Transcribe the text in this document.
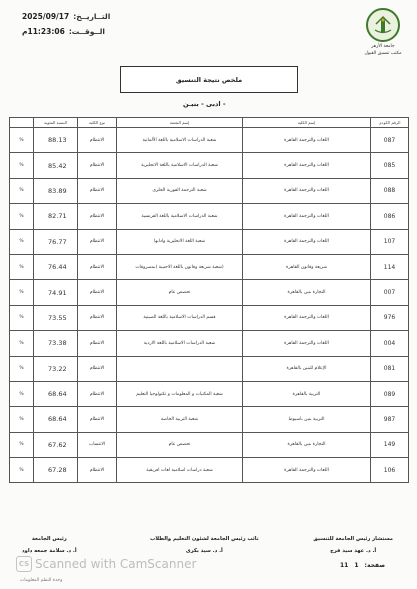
التــاريــخ:
2025/09/17
الــوقــت:
11:23:06م
جامعة الأزهر
مكتب تنسيق القبول
ملخص نتيجة التنسيق
- ادبى - بنيـن
الرقم الكودى	إسم الكلية	إسم الشعبة	نوع الكلية	النسبة المئوية	
087	اللغات والترجمة القاهرة	شعبة الدراسات الاسلامية باللغة الألمانية	الانتظام	88.13	%
085	اللغات والترجمة القاهرة	شعبة الدراسات الاسلامية باللغة الانجليزية	الانتظام	85.42	%
088	اللغات والترجمة القاهرة	شعبة الترجمة الفورية الجلزى	الانتظام	83.89	%
086	اللغات والترجمة القاهرة	شعبة الدراسات الاسلامية باللغة الفرنسية	الانتظام	82.71	%
107	اللغات والترجمة القاهرة	شعبة اللغة الانجليزية وادابها	الانتظام	76.77	%
114	شريعة وقانون القاهرة	(شعبة شريعة وقانون باللغة الاجنبية (بمصروفات	الانتظام	76.44	%
007	التجارة بنين بالقاهرة	تخصص عام	الانتظام	74.91	%
976	اللغات والترجمة القاهرة	قسم الدراسات الاسلامية باللغة الصينية	الانتظام	73.55	%
004	اللغات والترجمة القاهرة	شعبة الدراسات الاسلامية باللغة الاردية	الانتظام	73.38	%
081	الإعلام للبنين بالقاهرة		الانتظام	73.22	%
089	التربية بالقاهرة	شعبة المكتبات و المعلومات و تكنولوجيا التعليم	الانتظام	68.64	%
987	التربية بنين باسيوط	شعبة التربية الخاصة	الانتظام	68.64	%
149	التجارة بنين بالقاهرة	تخصص عام	الانتساب	67.62	%
106	اللغات والترجمة القاهرة	شعبة دراسات اسلامية لغات افريقية	الانتظام	67.28	%
مستشار رئيس الجامعة للتنسيق
أ. د. عهد سيد فرج
نائب رئيس الجامعة لشئون التعليم والطلاب
أ. د. سيد بكرى
رئيس الجامعة
أ. د. سلامة جمعه داود
صفحة:
1
11
CS Scanned with CamScanner
وحدة النظم المعلومات
